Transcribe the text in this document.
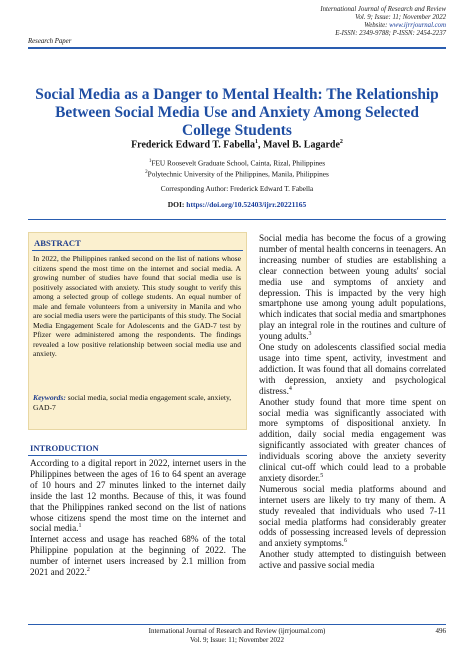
International Journal of Research and Review
Vol. 9; Issue: 11; November 2022
Website: www.ijrrjournal.com
E-ISSN: 2349-9788; P-ISSN: 2454-2237
Research Paper
Social Media as a Danger to Mental Health: The Relationship Between Social Media Use and Anxiety Among Selected College Students
Frederick Edward T. Fabella$^1$, Mavel B. Lagarde$^2$
$^1$FEU Roosevelt Graduate School, Cainta, Rizal, Philippines
$^2$Polytechnic University of the Philippines, Manila, Philippines
Corresponding Author: Frederick Edward T. Fabella
DOI: https://doi.org/10.52403/ijrr.20221165
ABSTRACT
In 2022, the Philippines ranked second on the list of nations whose citizens spend the most time on the internet and social media. A growing number of studies have found that social media use is positively associated with anxiety. This study sought to verify this among a selected group of college students. An equal number of male and female volunteers from a university in Manila and who are social media users were the participants of this study. The Social Media Engagement Scale for Adolescents and the GAD-7 test by Pfizer were administered among the respondents. The findings revealed a low positive relationship between social media use and anxiety.
Keywords: social media, social media engagement scale, anxiety, GAD-7
INTRODUCTION

According to a digital report in 2022, internet users in the Philippines between the ages of 16 to 64 spent an average of 10 hours and 27 minutes linked to the internet daily inside the last 12 months. Because of this, it was found that the Philippines ranked second on the list of nations whose citizens spend the most time on the internet and social media.$^1$

Internet access and usage has reached 68% of the total Philippine population at the beginning of 2022. The number of internet users increased by 2.1 million from 2021 and 2022.$^2$

Social media has become the focus of a growing number of mental health concerns in teenagers. An increasing number of studies are establishing a clear connection between young adults' social media use and symptoms of anxiety and depression. This is impacted by the very high smartphone use among young adult populations, which indicates that social media and smartphones play an integral role in the routines and culture of young adults.$^3$

One study on adolescents classified social media usage into time spent, activity, investment and addiction. It was found that all domains correlated with depression, anxiety and psychological distress.$^4$

Another study found that more time spent on social media was significantly associated with more symptoms of dispositional anxiety. In addition, daily social media engagement was significantly associated with greater chances of individuals scoring above the anxiety severity clinical cut-off which could lead to a probable anxiety disorder.$^5$

Numerous social media platforms abound and internet users are likely to try many of them. A study revealed that individuals who used 7-11 social media platforms had considerably greater odds of possessing increased levels of depression and anxiety symptoms.$^6$

Another study attempted to distinguish between active and passive social media

International Journal of Research and Review (ijrrjournal.com)
Vol. 9; Issue: 11; November 2022
496
